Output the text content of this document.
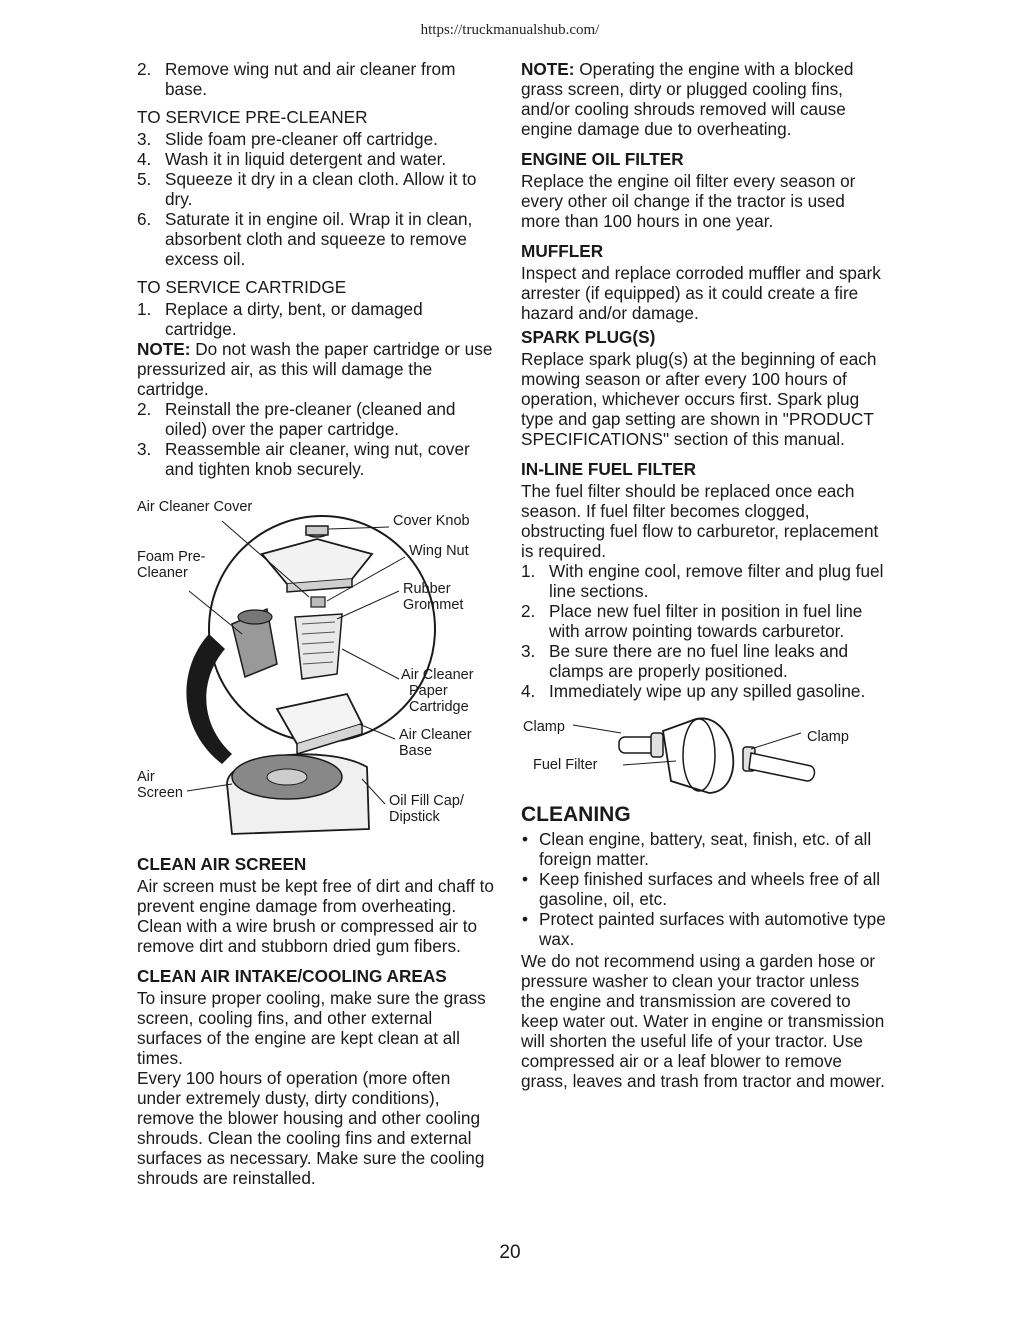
https://truckmanualshub.com/
2. Remove wing nut and air cleaner from base.
TO SERVICE PRE-CLEANER
3. Slide foam pre-cleaner off cartridge.
4. Wash it in liquid detergent and water.
5. Squeeze it dry in a clean cloth. Allow it to dry.
6. Saturate it in engine oil. Wrap it in clean, absorbent cloth and squeeze to remove excess oil.
TO SERVICE CARTRIDGE
1. Replace a dirty, bent, or damaged cartridge.
NOTE: Do not wash the paper cartridge or use pressurized air, as this will damage the cartridge.
2. Reinstall the pre-cleaner (cleaned and oiled) over the paper cartridge.
3. Reassemble air cleaner, wing nut, cover and tighten knob securely.
Air Cleaner Cover
Cover Knob
Foam Pre-
Cleaner
Wing Nut
Rubber
Grommet
Air Cleaner
Paper
Cartridge
Air Cleaner
Base
Air
Screen	Oil Fill Cap/
Dipstick
CLEAN AIR SCREEN
Air screen must be kept free of dirt and chaff to prevent engine damage from overheating. Clean with a wire brush or compressed air to remove dirt and stubborn dried gum fibers.
CLEAN AIR INTAKE/COOLING AREAS
To insure proper cooling, make sure the grass screen, cooling fins, and other external surfaces of the engine are kept clean at all times.
Every 100 hours of operation (more often under extremely dusty, dirty conditions), remove the blower housing and other cooling shrouds. Clean the cooling fins and external surfaces as necessary. Make sure the cooling shrouds are reinstalled.
NOTE: Operating the engine with a blocked grass screen, dirty or plugged cooling fins, and/or cooling shrouds removed will cause engine damage due to overheating.
ENGINE OIL FILTER
Replace the engine oil filter every season or every other oil change if the tractor is used more than 100 hours in one year.
MUFFLER
Inspect and replace corroded muffler and spark arrester (if equipped) as it could create a fire hazard and/or damage.
SPARK PLUG(S)
Replace spark plug(s) at the beginning of each mowing season or after every 100 hours of operation, whichever occurs first. Spark plug type and gap setting are shown in "PRODUCT SPECIFICATIONS" section of this manual.
IN-LINE FUEL FILTER
The fuel filter should be replaced once each season. If fuel filter becomes clogged, obstructing fuel flow to carburetor, replacement is required.
1. With engine cool, remove filter and plug fuel line sections.
2. Place new fuel filter in position in fuel line with arrow pointing towards carburetor.
3. Be sure there are no fuel line leaks and clamps are properly positioned.
4. Immediately wipe up any spilled gasoline.
Clamp
Clamp
Fuel Filter
CLEANING
• Clean engine, battery, seat, finish, etc. of all foreign matter.
• Keep finished surfaces and wheels free of all gasoline, oil, etc.
• Protect painted surfaces with automotive type wax.
We do not recommend using a garden hose or pressure washer to clean your tractor unless the engine and transmission are covered to keep water out. Water in engine or transmission will shorten the useful life of your tractor. Use compressed air or a leaf blower to remove grass, leaves and trash from tractor and mower.
20
